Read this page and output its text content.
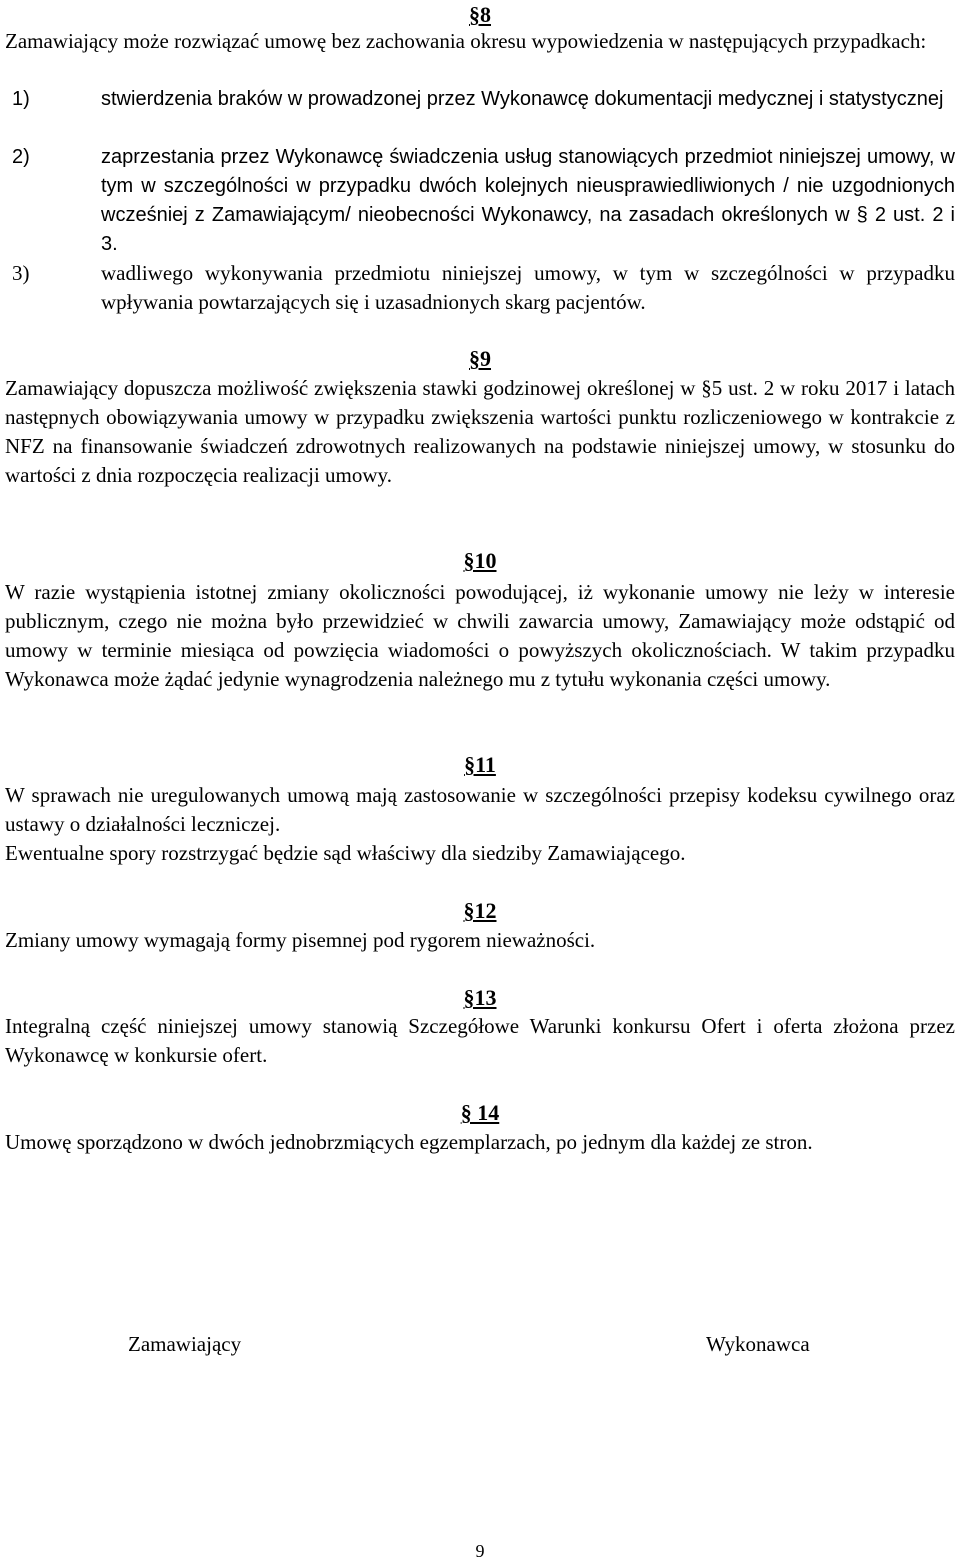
§8
Zamawiający może rozwiązać umowę bez zachowania okresu wypowiedzenia w następujących przypadkach:
1)	stwierdzenia braków w prowadzonej przez Wykonawcę dokumentacji medycznej i statystycznej
2)	zaprzestania przez Wykonawcę świadczenia usług stanowiących przedmiot niniejszej umowy, w tym w szczególności w przypadku dwóch kolejnych nieusprawiedliwionych / nie uzgodnionych wcześniej z Zamawiającym/ nieobecności Wykonawcy, na zasadach określonych w § 2 ust. 2 i 3.
3)	wadliwego wykonywania przedmiotu niniejszej umowy, w tym w szczególności w przypadku wpływania powtarzających się i uzasadnionych skarg pacjentów.
§9
Zamawiający dopuszcza możliwość zwiększenia stawki godzinowej określonej w §5 ust. 2 w roku 2017 i latach następnych obowiązywania umowy w przypadku zwiększenia wartości punktu rozliczeniowego w kontrakcie z NFZ na finansowanie świadczeń zdrowotnych realizowanych na podstawie niniejszej umowy, w stosunku do wartości z dnia rozpoczęcia realizacji umowy.
§10
W razie wystąpienia istotnej zmiany okoliczności powodującej, iż wykonanie umowy nie leży w interesie publicznym, czego nie można było przewidzieć w chwili zawarcia umowy, Zamawiający może odstąpić od umowy w terminie miesiąca od powzięcia wiadomości o powyższych okolicznościach. W takim przypadku Wykonawca może żądać jedynie wynagrodzenia należnego mu z tytułu wykonania części umowy.
§11
W sprawach nie uregulowanych umową mają zastosowanie w szczególności przepisy kodeksu cywilnego oraz ustawy o działalności leczniczej.
Ewentualne spory rozstrzygać będzie sąd właściwy dla siedziby Zamawiającego.
§12
Zmiany umowy wymagają formy pisemnej pod rygorem nieważności.
§13
Integralną część niniejszej umowy stanowią Szczegółowe Warunki konkursu Ofert i oferta złożona przez Wykonawcę w konkursie ofert.
§ 14
Umowę sporządzono w dwóch jednobrzmiących egzemplarzach, po jednym dla każdej ze stron.
Zamawiający	Wykonawca
9
